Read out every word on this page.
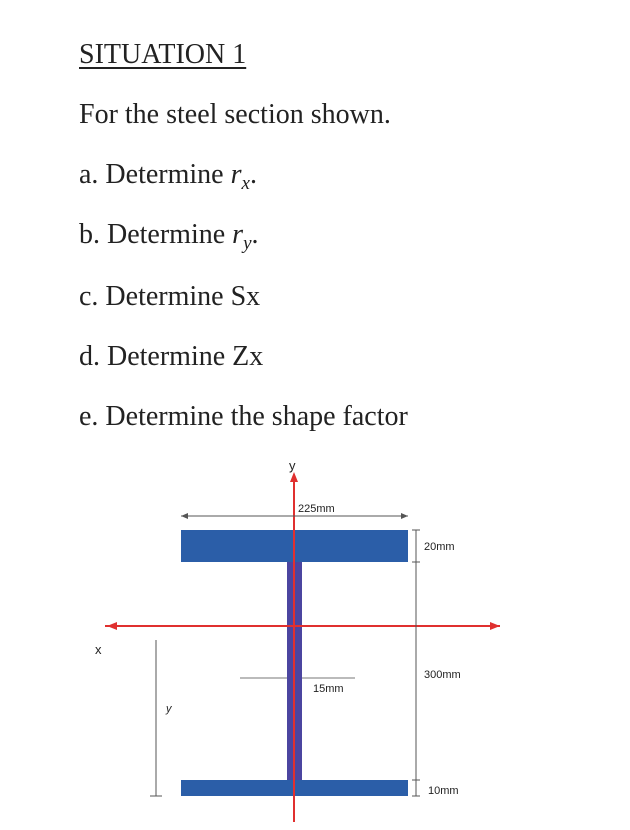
SITUATION 1
For the steel section shown.
a. Determine $r_x$.
b. Determine $r_y$.
c. Determine Sx
d. Determine Zx
e. Determine the shape factor
y
x
225mm
20mm
300mm
10mm
15mm
y
